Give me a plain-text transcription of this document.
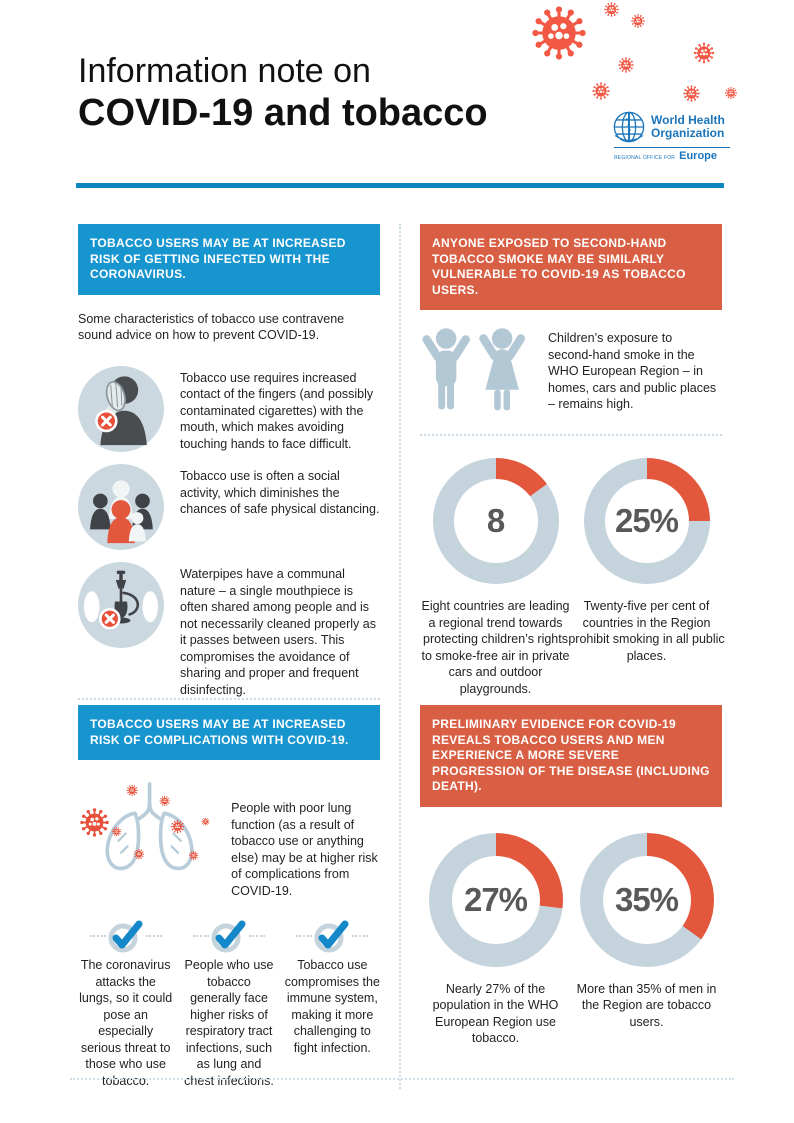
Information note on
COVID-19 and tobacco	World Health
Organization
REGIONAL OFFICE FOR Europe
TOBACCO USERS MAY BE AT INCREASED RISK OF GETTING INFECTED WITH THE CORONAVIRUS.

Some characteristics of tobacco use contravene sound advice on how to prevent COVID-19.

Tobacco use requires increased contact of the fingers (and possibly contaminated cigarettes) with the mouth, which makes avoiding touching hands to face difficult.

Tobacco use is often a social activity, which diminishes the chances of safe physical distancing.

Waterpipes have a communal nature – a single mouthpiece is often shared among people and is not necessarily cleaned properly as it passes between users. This compromises the avoidance of sharing and proper and frequent disinfecting.

TOBACCO USERS MAY BE AT INCREASED RISK OF COMPLICATIONS WITH COVID-19.

People with poor lung function (as a result of tobacco use or anything else) may be at higher risk of complications from COVID-19.

The coronavirus attacks the lungs, so it could pose an especially serious threat to those who use tobacco.

People who use tobacco generally face higher risks of respiratory tract infections, such as lung and chest infections.

Tobacco use compromises the immune system, making it more challenging to fight infection.

ANYONE EXPOSED TO SECOND-HAND TOBACCO SMOKE MAY BE SIMILARLY VULNERABLE TO COVID-19 AS TOBACCO USERS.

Children’s exposure to second-hand smoke in the WHO European Region – in homes, cars and public places – remains high.

8
Eight countries are leading a regional trend towards protecting children’s rights to smoke-free air in private cars and outdoor playgrounds.
25%
Twenty-five per cent of countries in the Region prohibit smoking in all public places.
PRELIMINARY EVIDENCE FOR COVID-19 REVEALS TOBACCO USERS AND MEN EXPERIENCE A MORE SEVERE PROGRESSION OF THE DISEASE (INCLUDING DEATH).
27%
Nearly 27% of the population in the WHO European Region use tobacco.
35%
More than 35% of men in the Region are tobacco users.
